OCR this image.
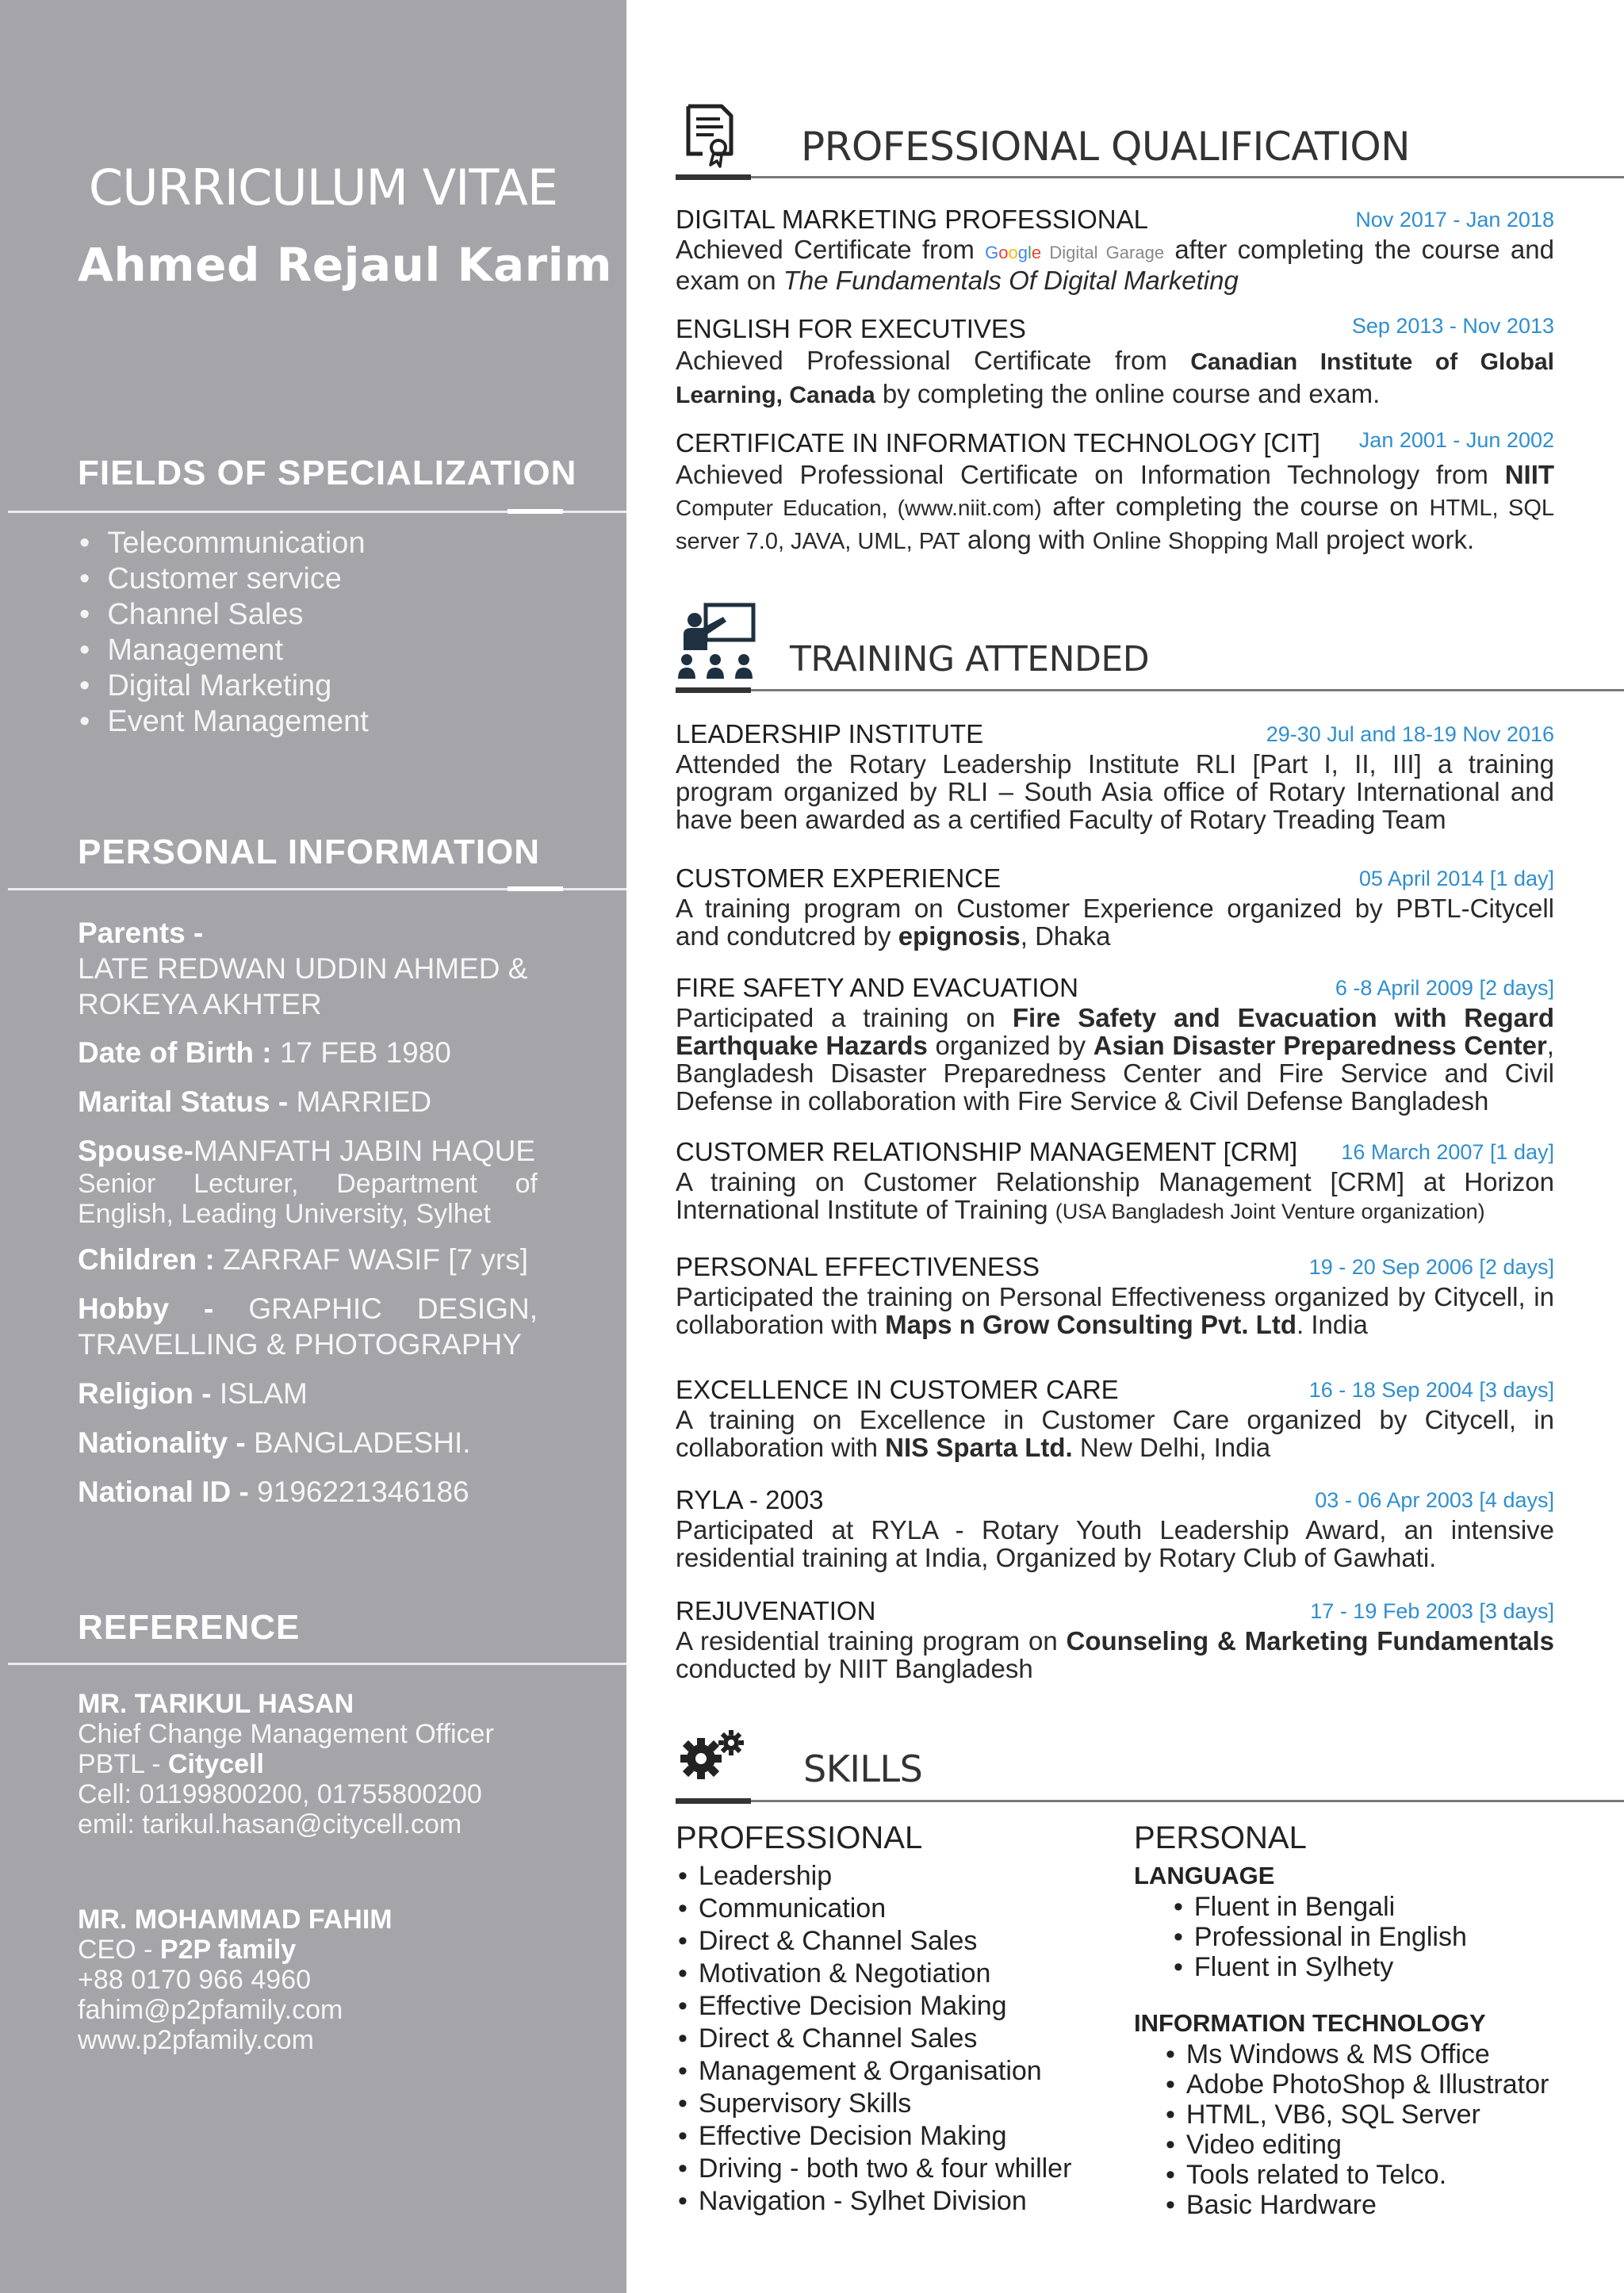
CURRICULUM VITAE
Ahmed Rejaul Karim
FIELDS OF SPECIALIZATION
• Telecommunication
• Customer service
• Channel Sales
• Management
• Digital Marketing
• Event Management
PERSONAL INFORMATION
Parents -
LATE REDWAN UDDIN AHMED &
ROKEYA AKHTER
Date of Birth : 17 FEB 1980
Marital Status - MARRIED
Spouse-MANFATH JABIN HAQUE
Senior Lecturer, Department of English, Leading University, Sylhet
Children : ZARRAF WASIF [7 yrs]
Hobby - GRAPHIC DESIGN, TRAVELLING & PHOTOGRAPHY
Religion - ISLAM
Nationality - BANGLADESHI.
National ID - 9196221346186
REFERENCE
MR. TARIKUL HASAN
Chief Change Management Officer
PBTL - Citycell
Cell: 01199800200, 01755800200
emil: tarikul.hasan@citycell.com
MR. MOHAMMAD FAHIM
CEO - P2P family
+88 0170 966 4960
fahim@p2pfamily.com
www.p2pfamily.com
PROFESSIONAL QUALIFICATION
DIGITAL MARKETING PROFESSIONAL	Nov 2017 - Jan 2018
Achieved Certificate from Google Digital Garage after completing the course and exam on The Fundamentals Of Digital Marketing
ENGLISH FOR EXECUTIVES	Sep 2013 - Nov 2013
Achieved Professional Certificate from Canadian Institute of Global Learning, Canada by completing the online course and exam.
CERTIFICATE IN INFORMATION TECHNOLOGY [CIT]	Jan 2001 - Jun 2002
Achieved Professional Certificate on Information Technology from NIIT Computer Education, (www.niit.com) after completing the course on HTML, SQL server 7.0, JAVA, UML, PAT along with Online Shopping Mall project work.
TRAINING ATTENDED
LEADERSHIP INSTITUTE	29-30 Jul and 18-19 Nov 2016
Attended the Rotary Leadership Institute RLI [Part I, II, III] a training program organized by RLI – South Asia office of Rotary International and have been awarded as a certified Faculty of Rotary Treading Team
CUSTOMER EXPERIENCE	05 April 2014 [1 day]
A training program on Customer Experience organized by PBTL-Citycell and condutcred by epignosis, Dhaka
FIRE SAFETY AND EVACUATION	6 -8 April 2009 [2 days]
Participated a training on Fire Safety and Evacuation with Regard Earthquake Hazards organized by Asian Disaster Preparedness Center, Bangladesh Disaster Preparedness Center and Fire Service and Civil Defense in collaboration with Fire Service & Civil Defense Bangladesh
CUSTOMER RELATIONSHIP MANAGEMENT [CRM]	16 March 2007 [1 day]
A training on Customer Relationship Management [CRM] at Horizon International Institute of Training (USA Bangladesh Joint Venture organization)
PERSONAL EFFECTIVENESS	19 - 20 Sep 2006 [2 days]
Participated the training on Personal Effectiveness organized by Citycell, in collaboration with Maps n Grow Consulting Pvt. Ltd. India
EXCELLENCE IN CUSTOMER CARE	16 - 18 Sep 2004 [3 days]
A training on Excellence in Customer Care organized by Citycell, in collaboration with NIS Sparta Ltd. New Delhi, India
RYLA - 2003	03 - 06 Apr 2003 [4 days]
Participated at RYLA - Rotary Youth Leadership Award, an intensive residential training at India, Organized by Rotary Club of Gawhati.
REJUVENATION	17 - 19 Feb 2003 [3 days]
A residential training program on Counseling & Marketing Fundamentals conducted by NIIT Bangladesh
SKILLS
PROFESSIONAL
• Leadership
• Communication
• Direct & Channel Sales
• Motivation & Negotiation
• Effective Decision Making
• Direct & Channel Sales
• Management & Organisation
• Supervisory Skills
• Effective Decision Making
• Driving - both two & four whiller
• Navigation - Sylhet Division
PERSONAL
LANGUAGE
• Fluent in Bengali
• Professional in English
• Fluent in Sylhety
INFORMATION TECHNOLOGY
• Ms Windows & MS Office
• Adobe PhotoShop & Illustrator
• HTML, VB6, SQL Server
• Video editing
• Tools related to Telco.
• Basic Hardware
